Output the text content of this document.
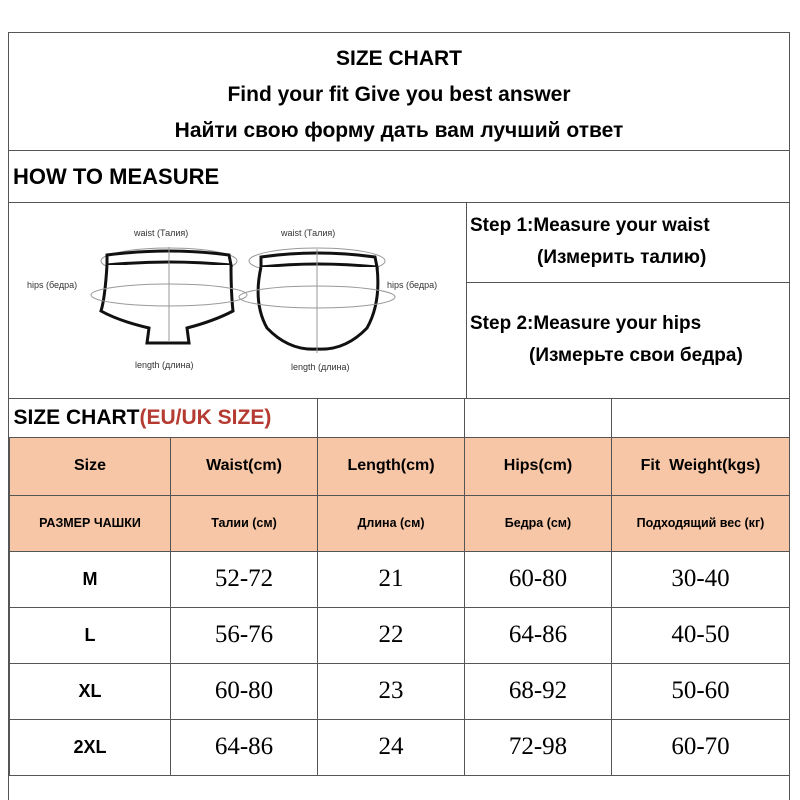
SIZE CHART
Find your fit Give you best answer
Найти свою форму дать вам лучший ответ
HOW TO MEASURE
waist (Талия)	waist (Талия)
hips (бедра)	hips (бедра)
length (длина)	length (длина)
Step 1:Measure your waist
(Измерить талию)
Step 2:Measure your hips
(Измерьте свои бедра)
SIZE CHART(EU/UK SIZE)				
Size	Waist(cm)	Length(cm)	Hips(cm)	Fit  Weight(kgs)
РАЗМЕР ЧАШКИ	Талии (см)	Длина (см)	Бедра (см)	Подходящий вес (кг)
M	52-72	21	60-80	30-40
L	56-76	22	64-86	40-50
XL	60-80	23	68-92	50-60
2XL	64-86	24	72-98	60-70
